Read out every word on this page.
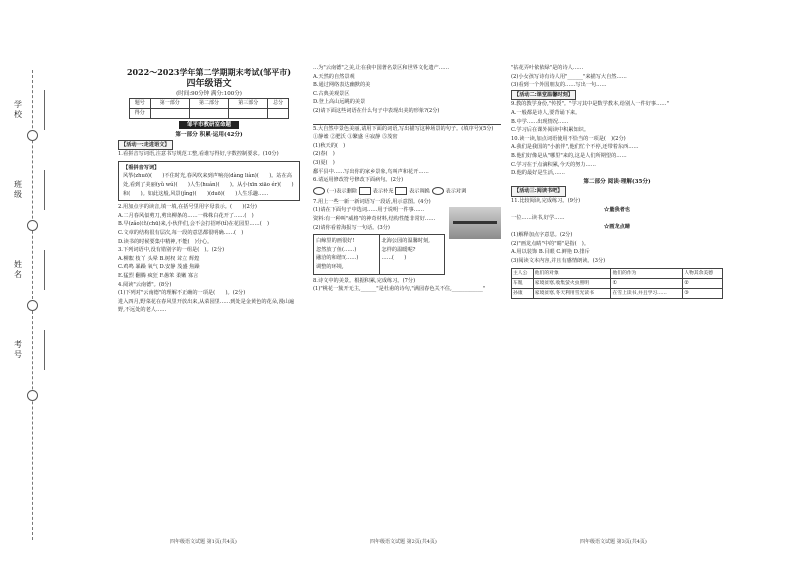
学校
班级
姓名
考号
2022～2023学年第二学期期末考试(邹平市)
四年级语文
(时间:90分钟 满分:100分)
题号	第一部分	第二部分	第三部分	总分
得分				
邹平市教研室命题

第一部分 积累·运用(42分)

【活动一:走进语文】

1.看拼音写词语,注意书写规范工整,看谁写得好,字数控制要求。(10分)

【看拼音写词】

风筝(zhuō)(　　)不住时光,春风吹来到声响亮(dàng liàn)(　　)。站在高处,看到了美丽(yǔ wú)(　　)人生(huán)(　　)。从小(xīn xiāo ér)(　　)和(　　)。如此这般,风景(jǐng)(　　)(duō)(　　)人生乐趣……

2.用加点字的读音,填一填,在括号里用字母表示。(　　)(2分)

A.二月春风似剪刀,剪出柳条的……一株株白花开了……(　)

B.早(zǎo)出(chū)来,小伙伴们,会不会打招呼(tǐ)在花园里……(　)

C.文章的结构很有层次,每一段的意思都很明确……(　)

D.读书的时候要集中精神,不能(　)分心。

3.下列词语中,没有错别字的一组是(　)。(2分)

A.柳絮 枝丫 头晕 B.树杈 耸立 辉煌

C.鸡鸣 暴躁 氧气 D.安静 茂盛 焦躁

E.猛烈 翻腾 疯狂 F.愚笨 柔嫩 寡言

4.阅读"云南德"。(8分)

(1)下列对"云南德"的理解不正确的一项是(　　)。(2分)

进入四月,野菜花在春风里开放出来,从菜园里……到处是金黄色的花朵,漫山遍野,不远处的老人……

四年级语文试题 第1页(共4页)

…为"云南德"之美,让在我中国著名景区和世界文化遗产……

A.天然的自然景观

B.通过网络表达幽默的美

C.古典美观景区

D.登上高山远眺的美景

(2)请下面这些词语在什么句子中表现出美的形象?(2分)

5.大自然中景色美丽,请用下面的词语,写出描写这种场景的句子。(填序号)(5分)

①静谧 ②肥沃 ③繁盛 ④寂静 ⑤茂密

(1)秋天的(　)

(2)春(　)

(3)夏(　)

鄱平县中……写出你的家乡景象,鸟叫声和花开……

6.请运用修改符号修改下面病句。(2分)

(一)表示删除	表示补充	表示调换	表示对调

7.用上一些一新一新词语写一段话,用示意图。(4分)

(1)请在下面句子中选词……用于说明一件事……

资料:有一种叫"威格"的神奇材料,结构性能非常好……

(2)请你看着海报写一句话。(3分)

白鲸里的画很好!

忽然放了鱼(……)

融洽的和谐!(……)

调整的环境,

北海公园的温馨时刻,

怎样的温暖呢?

……(　　)

8.诗文中的美景。根据积累,完成练习。(7分)

(1)"桃花一簇开无主,______"是杜甫的诗句,"满园春色关不住,____________"

四年级语文试题 第2页(共4页)

"拈花弄叶依依绿"是的诗人……

(2)小女孩写诗有诗人用"______"来描写大自然……

(3)看到一个外国朋友的……写出一句……

【活动二:课堂温馨时刻】

9.教的教学身份,"传授"。"学习其中是数学教本,给别人一件好事……"

A.一般都是诗人,要背诵下来。

B.中学……出现情况……

C.学习后在课外阅读中积累知识。

10.读一读,加点词语使用不恰当的一项是(　)(2分)

A.我们是我国的"小旅伴",他们忙个不停,还带着东西……

B.他们好像是从"哪里"来的,这是人们所期望的……

C.学习在于点滴积累,今天的努力……

D.他的最好是生活,……

第二部分 阅读·理解(35分)

【活动三:阅读书吧】

11.比较阅读,完成练习。(9分)

☆量我者也

一位……读书,好学……

☆画龙点睛

(1)解释加点字意思。(2分)

(2)"画龙点睛"中的"睛"是指(　)。

A.用以装饰 B.目眼 C.鲜艳 D.排斥

(3)阅读文本内容,并且有感情朗读。(3分)

主人公	他们的对象	他们的作为	人物其余美德
车胤	家境贫寒,收集萤火虫照明	①	②
孙康	家境贫寒,冬天利用雪光读书	在雪上读书,并且学习……	③
四年级语文试题 第3页(共4页)
